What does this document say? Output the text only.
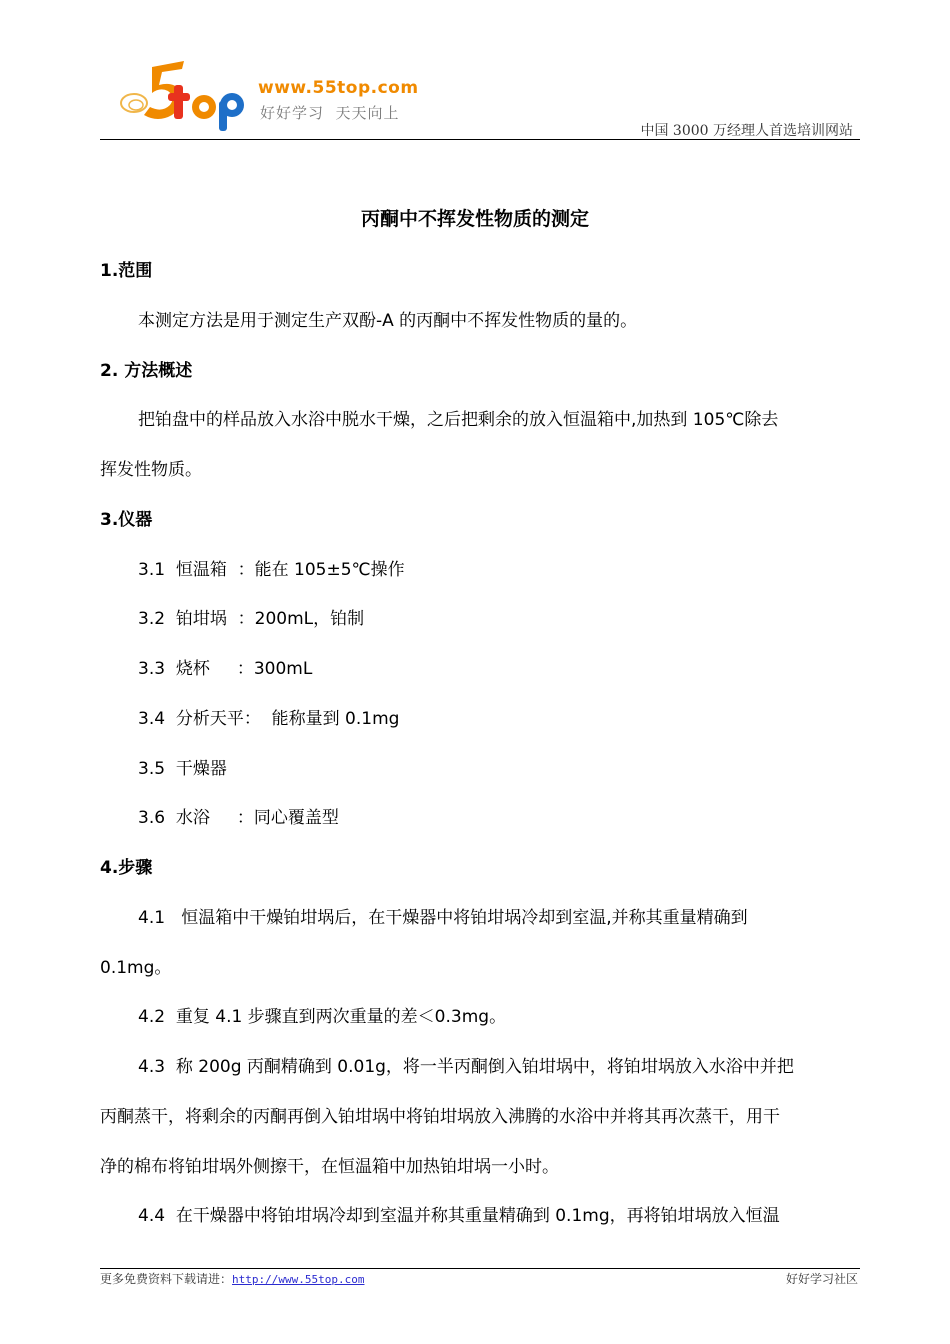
www.55top.com
好好学习  天天向上
中国 3000 万经理人首选培训网站
丙酮中不挥发性物质的测定
1.范围
本测定方法是用于测定生产双酚-A 的丙酮中不挥发性物质的量的。
2. 方法概述
把铂盘中的样品放入水浴中脱水干燥，之后把剩余的放入恒温箱中,加热到 105℃除去
挥发性物质。
3.仪器
3.1  恒温箱  ：能在 105±5℃操作
3.2  铂坩埚  ：200mL，铂制
3.3  烧杯     ：300mL
3.4  分析天平：  能称量到 0.1mg
3.5  干燥器
3.6  水浴     ：同心覆盖型
4.步骤
4.1   恒温箱中干燥铂坩埚后，在干燥器中将铂坩埚冷却到室温,并称其重量精确到
0.1mg。
4.2  重复 4.1 步骤直到两次重量的差＜0.3mg。
4.3  称 200g 丙酮精确到 0.01g，将一半丙酮倒入铂坩埚中，将铂坩埚放入水浴中并把
丙酮蒸干，将剩余的丙酮再倒入铂坩埚中将铂坩埚放入沸腾的水浴中并将其再次蒸干，用干
净的棉布将铂坩埚外侧擦干，在恒温箱中加热铂坩埚一小时。
4.4  在干燥器中将铂坩埚冷却到室温并称其重量精确到 0.1mg，再将铂坩埚放入恒温
更多免费资料下载请进：http://www.55top.com	好好学习社区
